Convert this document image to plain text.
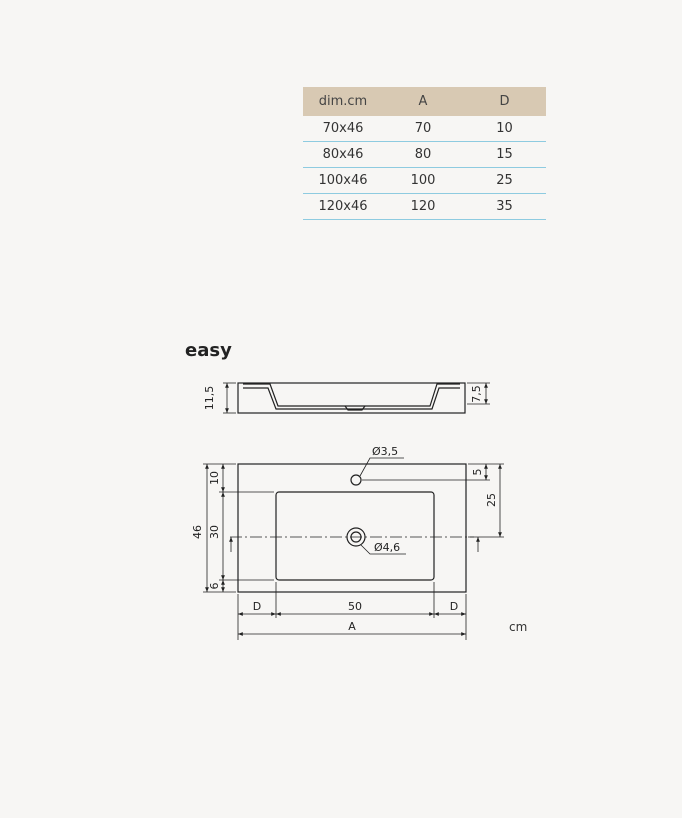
dim.cm	A	D
70x46	70	10
80x46	80	15
100x46	100	25
120x46	120	35
easy
11,5	7,5
46
10
30
6
5
25
Ø3,5
Ø4,6
D	50	D
A	cm
